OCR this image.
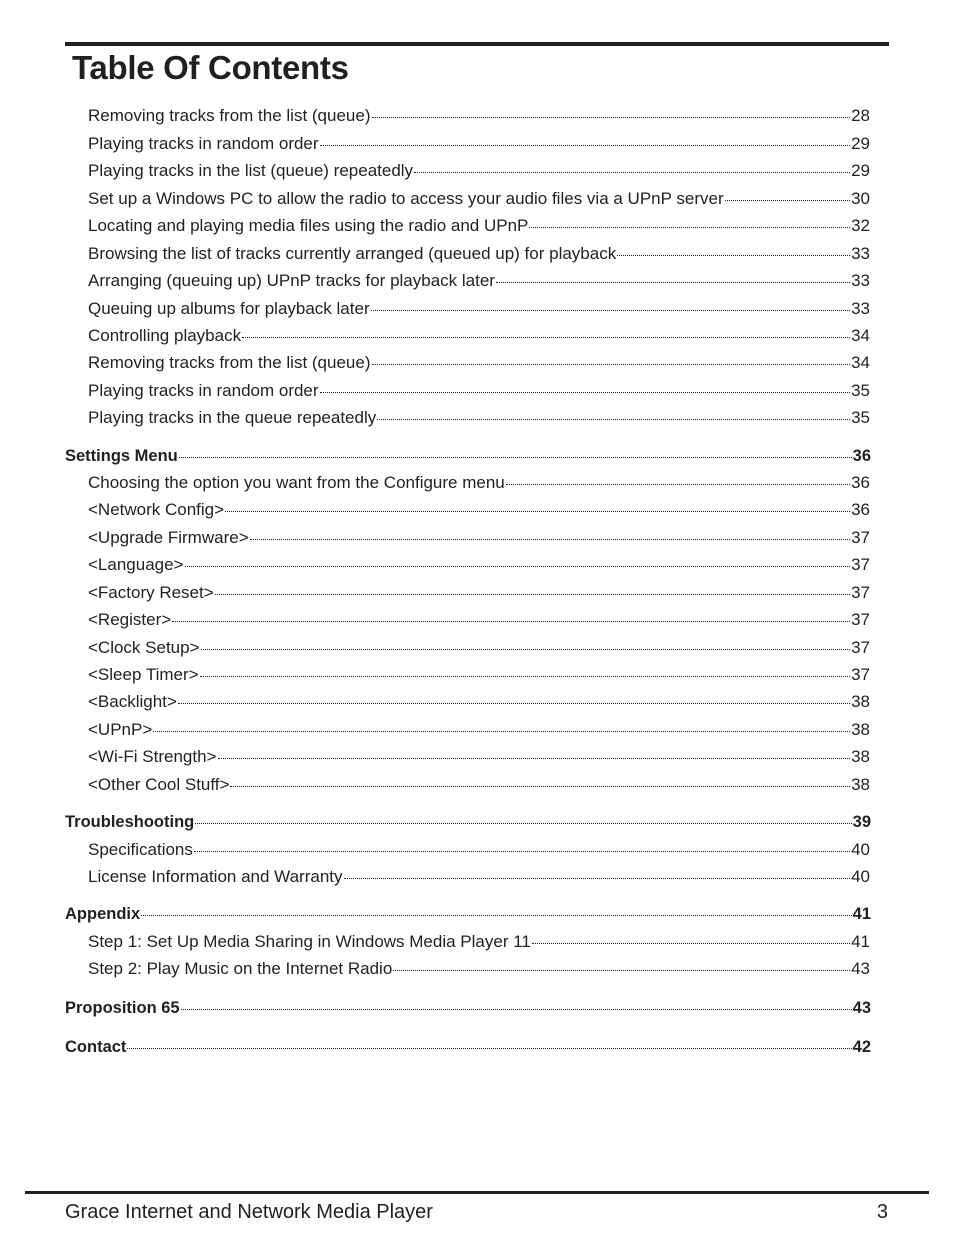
Table Of Contents
Removing tracks from the list (queue)	28
Playing tracks in random order	29
Playing tracks in the list (queue) repeatedly	29
Set up a Windows PC to allow the radio to access your audio files via a UPnP server	30
Locating and playing media files using the radio and UPnP	32
Browsing the list of tracks currently arranged (queued up) for playback	33
Arranging (queuing up) UPnP tracks for playback later	33
Queuing up albums for playback later	33
Controlling playback	34
Removing tracks from the list (queue)	34
Playing tracks in random order	35
Playing tracks in the queue repeatedly	35
Settings Menu	36
Choosing the option you want from the Configure menu	36
<Network Config>	36
<Upgrade Firmware>	37
<Language>	37
<Factory Reset>	37
<Register>	37
<Clock Setup>	37
<Sleep Timer>	37
<Backlight>	38
<UPnP>	38
<Wi-Fi Strength>	38
<Other Cool Stuff>	38
Troubleshooting	39
Specifications	40
License Information and Warranty	40
Appendix	41
Step 1: Set Up Media Sharing in Windows Media Player 11	41
Step 2: Play Music on the Internet Radio	43
Proposition 65	43
Contact	42
Grace Internet and Network Media Player	3
